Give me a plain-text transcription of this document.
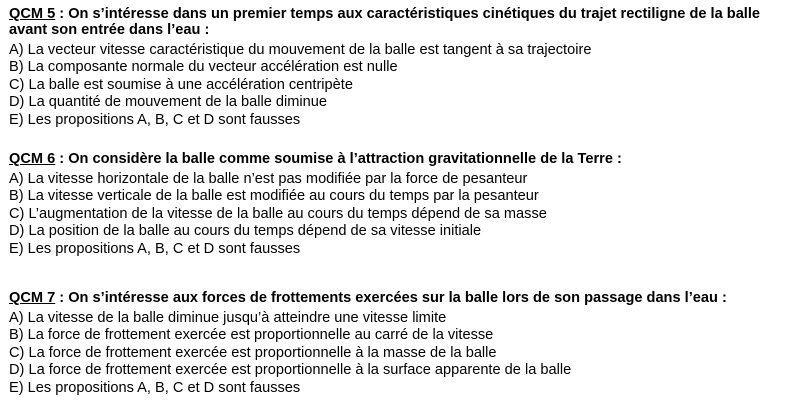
QCM 5 : On s’intéresse dans un premier temps aux caractéristiques cinétiques du trajet rectiligne de la balle
avant son entrée dans l’eau :

A) La vecteur vitesse caractéristique du mouvement de la balle est tangent à sa trajectoire
B) La composante normale du vecteur accélération est nulle
C) La balle est soumise à une accélération centripète
D) La quantité de mouvement de la balle diminue
E) Les propositions A, B, C et D sont fausses

QCM 6 : On considère la balle comme soumise à l’attraction gravitationnelle de la Terre :

A) La vitesse horizontale de la balle n’est pas modifiée par la force de pesanteur
B) La vitesse verticale de la balle est modifiée au cours du temps par la pesanteur
C) L’augmentation de la vitesse de la balle au cours du temps dépend de sa masse
D) La position de la balle au cours du temps dépend de sa vitesse initiale
E) Les propositions A, B, C et D sont fausses

QCM 7 : On s’intéresse aux forces de frottements exercées sur la balle lors de son passage dans l’eau :

A) La vitesse de la balle diminue jusqu’à atteindre une vitesse limite
B) La force de frottement exercée est proportionnelle au carré de la vitesse
C) La force de frottement exercée est proportionnelle à la masse de la balle
D) La force de frottement exercée est proportionnelle à la surface apparente de la balle
E) Les propositions A, B, C et D sont fausses
